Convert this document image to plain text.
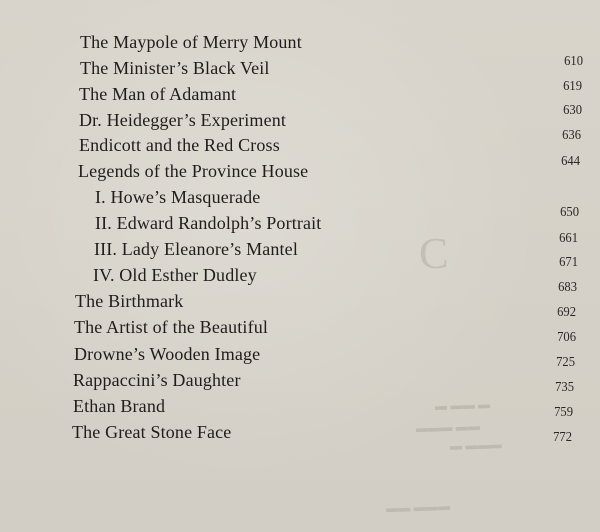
C
▬ ▬▬ ▬
▬▬▬ ▬▬
▬ ▬▬▬
▬▬ ▬▬▬
The Maypole of Merry Mount
The Minister’s Black Veil
The Man of Adamant
Dr. Heidegger’s Experiment
Endicott and the Red Cross
Legends of the Province House
I. Howe’s Masquerade
II. Edward Randolph’s Portrait
III. Lady Eleanore’s Mantel
IV. Old Esther Dudley
The Birthmark
The Artist of the Beautiful
Drowne’s Wooden Image
Rappaccini’s Daughter
Ethan Brand
The Great Stone Face
610
619
630
636
644
650
661
671
683
692
706
725
735
759
772
